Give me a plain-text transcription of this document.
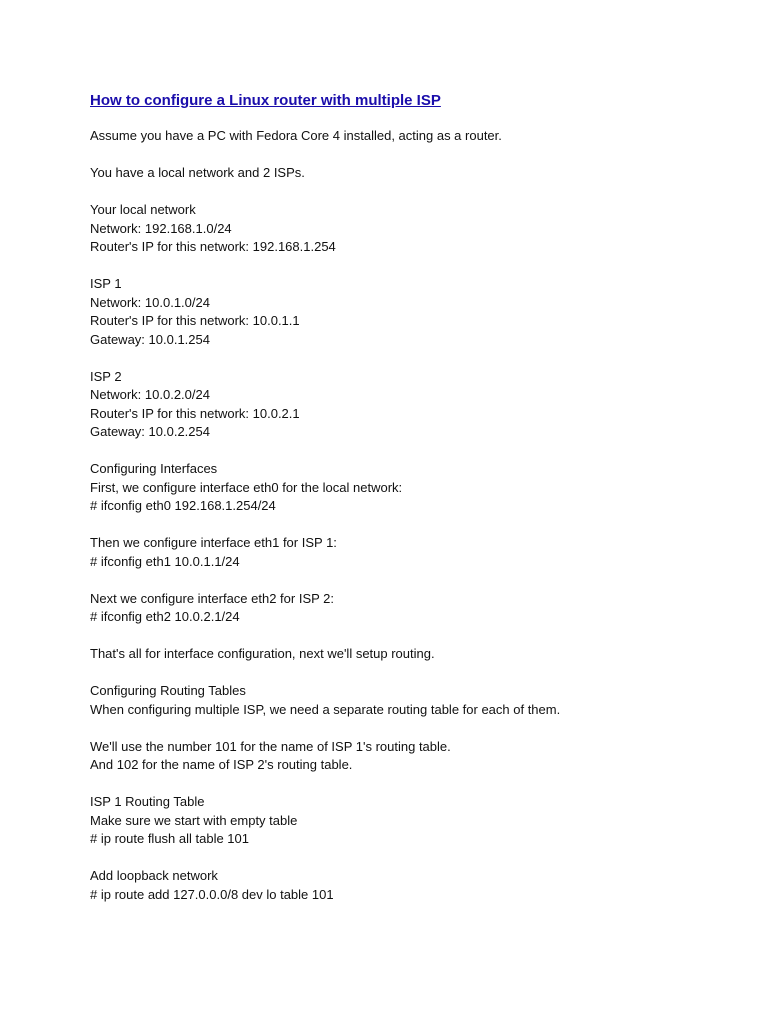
How to configure a Linux router with multiple ISP
Assume you have a PC with Fedora Core 4 installed, acting as a router.
You have a local network and 2 ISPs.
Your local network
Network: 192.168.1.0/24
Router's IP for this network: 192.168.1.254
ISP 1
Network: 10.0.1.0/24
Router's IP for this network: 10.0.1.1
Gateway: 10.0.1.254
ISP 2
Network: 10.0.2.0/24
Router's IP for this network: 10.0.2.1
Gateway: 10.0.2.254
Configuring Interfaces
First, we configure interface eth0 for the local network:
# ifconfig eth0 192.168.1.254/24
Then we configure interface eth1 for ISP 1:
# ifconfig eth1 10.0.1.1/24
Next we configure interface eth2 for ISP 2:
# ifconfig eth2 10.0.2.1/24
That's all for interface configuration, next we'll setup routing.
Configuring Routing Tables
When configuring multiple ISP, we need a separate routing table for each of them.
We'll use the number 101 for the name of ISP 1's routing table.
And 102 for the name of ISP 2's routing table.
ISP 1 Routing Table
Make sure we start with empty table
# ip route flush all table 101
Add loopback network
# ip route add 127.0.0.0/8 dev lo table 101
